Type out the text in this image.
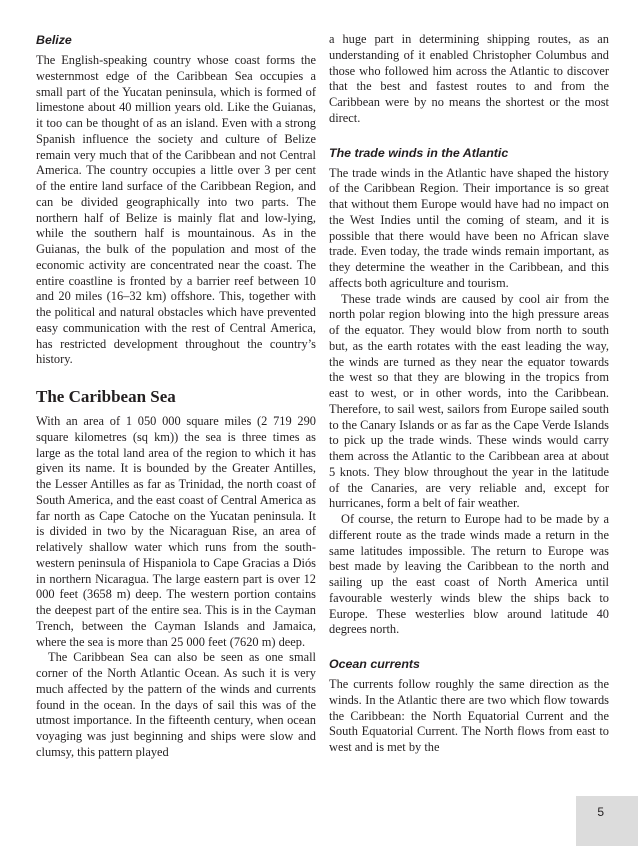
Belize

The English-speaking country whose coast forms the westernmost edge of the Caribbean Sea occupies a small part of the Yucatan peninsula, which is formed of limestone about 40 million years old. Like the Guianas, it too can be thought of as an island. Even with a strong Spanish influence the society and culture of Belize remain very much that of the Caribbean and not Central America. The country occupies a little over 3 per cent of the entire land surface of the Caribbean Region, and can be divided geographically into two parts. The northern half of Belize is mainly flat and low-lying, while the southern half is mountainous. As in the Guianas, the bulk of the population and most of the economic activity are concentrated near the coast. The entire coastline is fronted by a barrier reef between 10 and 20 miles (16–32 km) offshore. This, together with the political and natural obstacles which have prevented easy communication with the rest of Central America, has restricted development throughout the country’s history.

The Caribbean Sea

With an area of 1 050 000 square miles (2 719 290 square kilometres (sq km)) the sea is three times as large as the total land area of the region to which it has given its name. It is bounded by the Greater Antilles, the Lesser Antilles as far as Trinidad, the north coast of South America, and the east coast of Central America as far north as Cape Catoche on the Yucatan peninsula. It is divided in two by the Nicaraguan Rise, an area of relatively shallow water which runs from the south-western peninsula of Hispaniola to Cape Gracias a Diós in northern Nicaragua. The large eastern part is over 12 000 feet (3658 m) deep. The western portion contains the deepest part of the entire sea. This is in the Cayman Trench, between the Cayman Islands and Jamaica, where the sea is more than 25 000 feet (7620 m) deep.

The Caribbean Sea can also be seen as one small corner of the North Atlantic Ocean. As such it is very much affected by the pattern of the winds and currents found in the ocean. In the days of sail this was of the utmost importance. In the fifteenth century, when ocean voyaging was just beginning and ships were slow and clumsy, this pattern played

a huge part in determining shipping routes, as an understanding of it enabled Christopher Columbus and those who followed him across the Atlantic to discover that the best and fastest routes to and from the Caribbean were by no means the shortest or the most direct.

The trade winds in the Atlantic

The trade winds in the Atlantic have shaped the history of the Caribbean Region. Their importance is so great that without them Europe would have had no impact on the West Indies until the coming of steam, and it is possible that there would have been no African slave trade. Even today, the trade winds remain important, as they determine the weather in the Caribbean, and this affects both agriculture and tourism.

These trade winds are caused by cool air from the north polar region blowing into the high pressure areas of the equator. They would blow from north to south but, as the earth rotates with the east leading the way, the winds are turned as they near the equator towards the west so that they are blowing in the tropics from east to west, or in other words, into the Caribbean. Therefore, to sail west, sailors from Europe sailed south to the Canary Islands or as far as the Cape Verde Islands to pick up the trade winds. These winds would carry them across the Atlantic to the Caribbean area at about 5 knots. They blow throughout the year in the latitude of the Canaries, are very reliable and, except for hurricanes, form a belt of fair weather.

Of course, the return to Europe had to be made by a different route as the trade winds made a return in the same latitudes impossible. The return to Europe was best made by leaving the Caribbean to the north and sailing up the east coast of North America until favourable westerly winds blew the ships back to Europe. These westerlies blow around latitude 40 degrees north.

Ocean currents

The currents follow roughly the same direction as the winds. In the Atlantic there are two which flow towards the Caribbean: the North Equatorial Current and the South Equatorial Current. The North flows from east to west and is met by the

5
